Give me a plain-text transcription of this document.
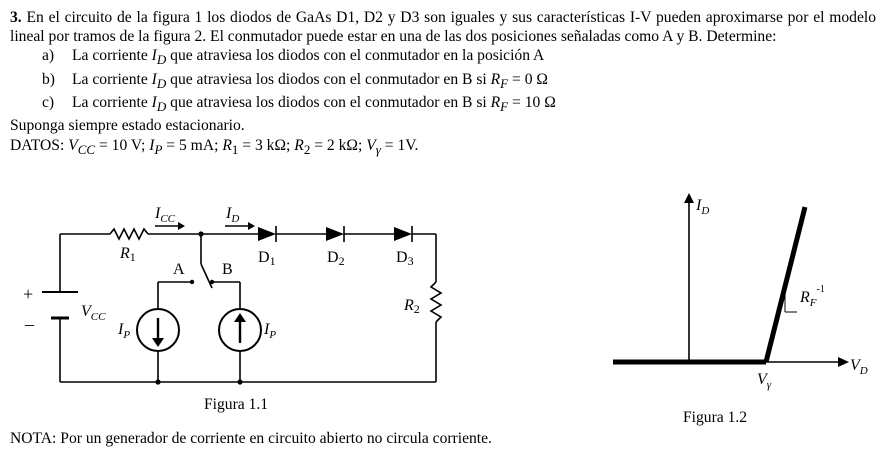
3. En el circuito de la figura 1 los diodos de GaAs D1, D2 y D3 son iguales y sus características I-V pueden aproximarse por el modelo lineal por tramos de la figura 2. El conmutador puede estar en una de las dos posiciones señaladas como A y B. Determine:

a) La corriente $I_D$ que atraviesa los diodos con el conmutador en la posición A
b) La corriente $I_D$ que atraviesa los diodos con el conmutador en B si $R_F = 0$ Ω
c) La corriente $I_D$ que atraviesa los diodos con el conmutador en B si $R_F = 10$ Ω

Suponga siempre estado estacionario.

DATOS: $V_{CC} = 10$ V; $I_P = 5$ mA; $R_1 = 3$ kΩ; $R_2 = 2$ kΩ; $V_\gamma = 1V$.

$I_{CC}$	$I_D$
R1
R2
D1	D2	D3
A B
$V_{CC}$
+
–	$I_P$	$I_P$
$I_D$
$V_D$
$V_\gamma$
$R_F^{-1}$
Figura 1.1
Figura 1.2
NOTA: Por un generador de corriente en circuito abierto no circula corriente.
